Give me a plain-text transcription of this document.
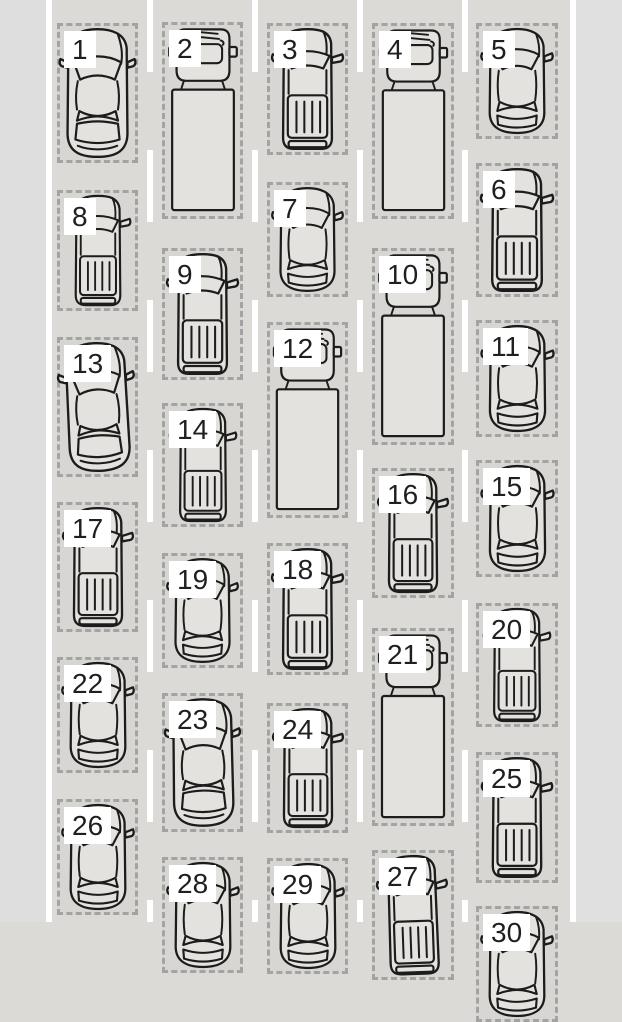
1	2	3	4	5
6
7
8
9	10
11
12
13
14
15
16
17
18
19
20
21
22
23	24
25
26
27
28	29
30
